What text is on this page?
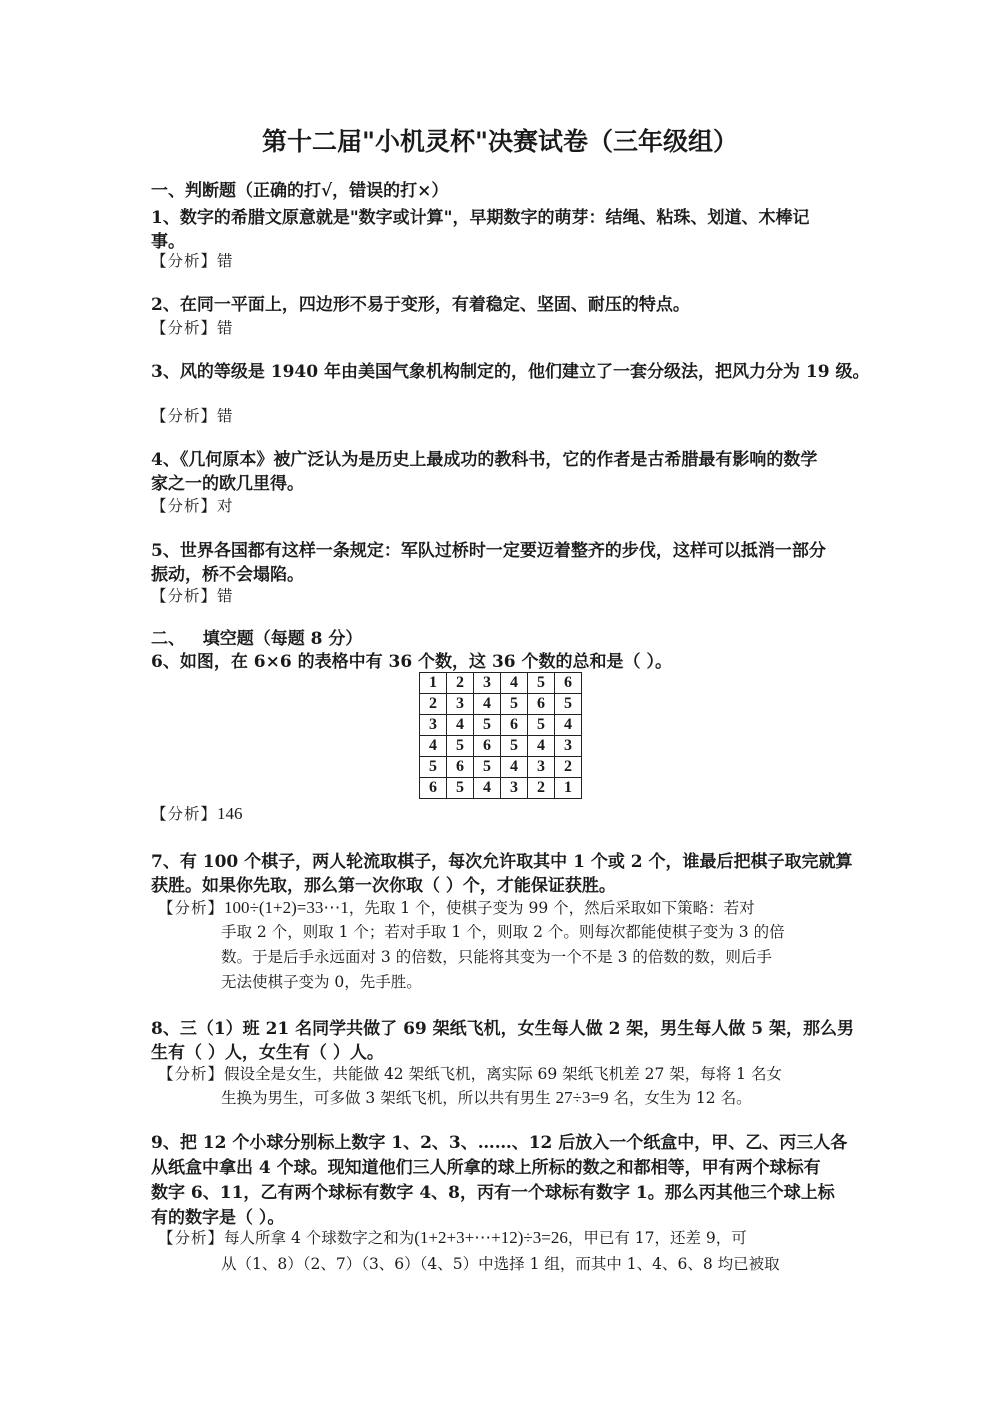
第十二届"小机灵杯"决赛试卷（三年级组）
一、判断题（正确的打√，错误的打×）
1、数字的希腊文原意就是"数字或计算"，早期数字的萌芽：结绳、粘珠、划道、木棒记
事。
【分析】错
2、在同一平面上，四边形不易于变形，有着稳定、坚固、耐压的特点。
【分析】错
3、风的等级是 1940 年由美国气象机构制定的，他们建立了一套分级法，把风力分为 19 级。
【分析】错
4、《几何原本》被广泛认为是历史上最成功的教科书，它的作者是古希腊最有影响的数学
家之一的欧几里得。
【分析】对
5、世界各国都有这样一条规定：军队过桥时一定要迈着整齐的步伐，这样可以抵消一部分
振动，桥不会塌陷。
【分析】错
二、   填空题（每题 8 分）
6、如图，在 6×6 的表格中有 36 个数，这 36 个数的总和是（ ）。
1	2	3	4	5	6
2	3	4	5	6	5
3	4	5	6	5	4
4	5	6	5	4	3
5	6	5	4	3	2
6	5	4	3	2	1
【分析】146
7、有 100 个棋子，两人轮流取棋子，每次允许取其中 1 个或 2 个，谁最后把棋子取完就算
获胜。如果你先取，那么第一次你取（ ）个，才能保证获胜。
【分析】100÷(1+2)=33⋯1，先取 1 个，使棋子变为 99 个，然后采取如下策略：若对
手取 2 个，则取 1 个；若对手取 1 个，则取 2 个。则每次都能使棋子变为 3 的倍
数。于是后手永远面对 3 的倍数，只能将其变为一个不是 3 的倍数的数，则后手
无法使棋子变为 0，先手胜。
8、三（1）班 21 名同学共做了 69 架纸飞机，女生每人做 2 架，男生每人做 5 架，那么男
生有（ ）人，女生有（ ）人。
【分析】假设全是女生，共能做 42 架纸飞机，离实际 69 架纸飞机差 27 架，每将 1 名女
生换为男生，可多做 3 架纸飞机，所以共有男生 27÷3=9 名，女生为 12 名。
9、把 12 个小球分别标上数字 1、2、3、……、12 后放入一个纸盒中，甲、乙、丙三人各
从纸盒中拿出 4 个球。现知道他们三人所拿的球上所标的数之和都相等，甲有两个球标有
数字 6、11，乙有两个球标有数字 4、8，丙有一个球标有数字 1。那么丙其他三个球上标
有的数字是（ ）。
【分析】每人所拿 4 个球数字之和为(1+2+3+⋯+12)÷3=26，甲已有 17，还差 9，可
从（1、8）（2、7）（3、6）（4、5）中选择 1 组，而其中 1、4、6、8 均已被取
